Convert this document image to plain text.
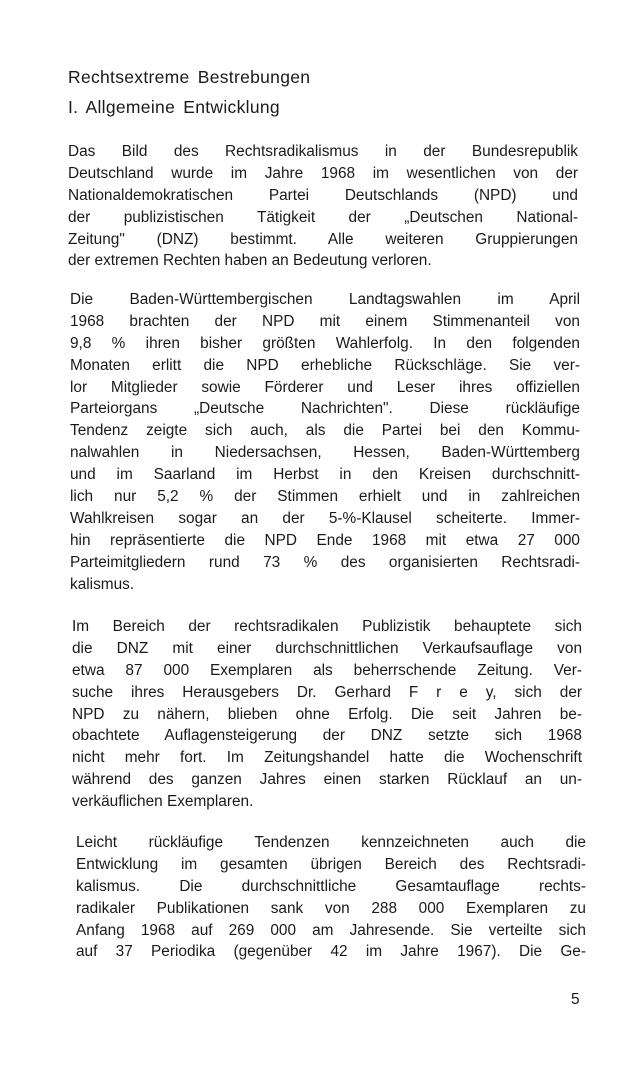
Rechtsextreme Bestrebungen
I. Allgemeine Entwicklung
Das Bild des Rechtsradikalismus in der Bundesrepublik
Deutschland wurde im Jahre 1968 im wesentlichen von der
Nationaldemokratischen Partei Deutschlands (NPD) und
der publizistischen Tätigkeit der „Deutschen National-
Zeitung" (DNZ) bestimmt. Alle weiteren Gruppierungen
der extremen Rechten haben an Bedeutung verloren.
Die Baden-Württembergischen Landtagswahlen im April
1968 brachten der NPD mit einem Stimmenanteil von
9,8 % ihren bisher größten Wahlerfolg. In den folgenden
Monaten erlitt die NPD erhebliche Rückschläge. Sie ver-
lor Mitglieder sowie Förderer und Leser ihres offiziellen
Parteiorgans „Deutsche Nachrichten". Diese rückläufige
Tendenz zeigte sich auch, als die Partei bei den Kommu-
nalwahlen in Niedersachsen, Hessen, Baden-Württemberg
und im Saarland im Herbst in den Kreisen durchschnitt-
lich nur 5,2 % der Stimmen erhielt und in zahlreichen
Wahlkreisen sogar an der 5-%-Klausel scheiterte. Immer-
hin repräsentierte die NPD Ende 1968 mit etwa 27 000
Parteimitgliedern rund 73 % des organisierten Rechtsradi-
kalismus.
Im Bereich der rechtsradikalen Publizistik behauptete sich
die DNZ mit einer durchschnittlichen Verkaufsauflage von
etwa 87 000 Exemplaren als beherrschende Zeitung. Ver-
suche ihres Herausgebers Dr. Gerhard F r e y, sich der
NPD zu nähern, blieben ohne Erfolg. Die seit Jahren be-
obachtete Auflagensteigerung der DNZ setzte sich 1968
nicht mehr fort. Im Zeitungshandel hatte die Wochenschrift
während des ganzen Jahres einen starken Rücklauf an un-
verkäuflichen Exemplaren.
Leicht rückläufige Tendenzen kennzeichneten auch die
Entwicklung im gesamten übrigen Bereich des Rechtsradi-
kalismus. Die durchschnittliche Gesamtauflage rechts-
radikaler Publikationen sank von 288 000 Exemplaren zu
Anfang 1968 auf 269 000 am Jahresende. Sie verteilte sich
auf 37 Periodika (gegenüber 42 im Jahre 1967). Die Ge-
5
